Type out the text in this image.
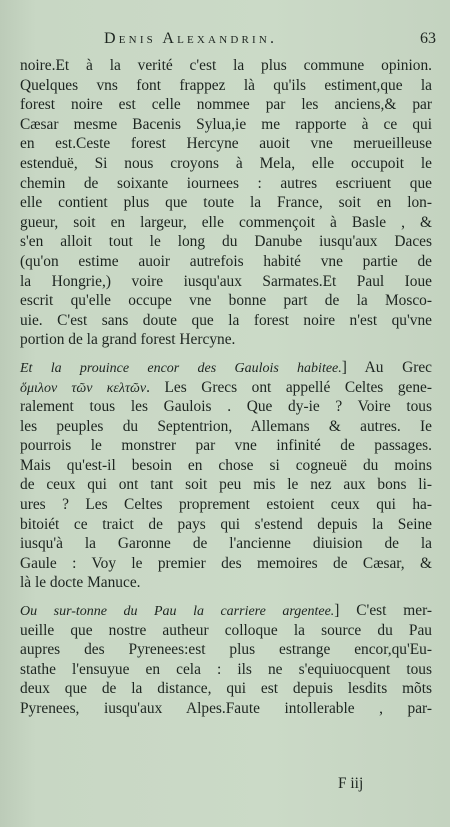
Denis Alexandrin.	63
noire.Et à la verité c'est la plus commune opinion.
Quelques vns font frappez là qu'ils estiment,que la
forest noire est celle nommee par les anciens,& par
Cæsar mesme Bacenis Sylua,ie me rapporte à ce qui
en est.Ceste forest Hercyne auoit vne merueilleuse
estenduë, Si nous croyons à Mela, elle occupoit le
chemin de soixante iournees : autres escriuent que
elle contient plus que toute la France, soit en lon-
gueur, soit en largeur, elle commençoit à Basle , &
s'en alloit tout le long du Danube iusqu'aux Daces
(qu'on estime auoir autrefois habité vne partie de
la Hongrie,) voire iusqu'aux Sarmates.Et Paul Ioue
escrit qu'elle occupe vne bonne part de la Mosco-
uie. C'est sans doute que la forest noire n'est qu'vne
portion de la grand forest Hercyne.
Et la prouince encor des Gaulois habitee.] Au Grec
ὅμιλον τῶν κελτῶν. Les Grecs ont appellé Celtes gene-
ralement tous les Gaulois . Que dy-ie ? Voire tous
les peuples du Septentrion, Allemans & autres. Ie
pourrois le monstrer par vne infinité de passages.
Mais qu'est-il besoin en chose si cogneuë du moins
de ceux qui ont tant soit peu mis le nez aux bons li-
ures ? Les Celtes proprement estoient ceux qui ha-
bitoiét ce traict de pays qui s'estend depuis la Seine
iusqu'à la Garonne de l'ancienne diuision de la
Gaule : Voy le premier des memoires de Cæsar, &
là le docte Manuce.
Ou sur-tonne du Pau la carriere argentee.] C'est mer-
ueille que nostre autheur colloque la source du Pau
aupres des Pyrenees:est plus estrange encor,qu'Eu-
stathe l'ensuyue en cela : ils ne s'equiuocquent tous
deux que de la distance, qui est depuis lesdits mõts
Pyrenees, iusqu'aux Alpes.Faute intollerable , par-
F iij
